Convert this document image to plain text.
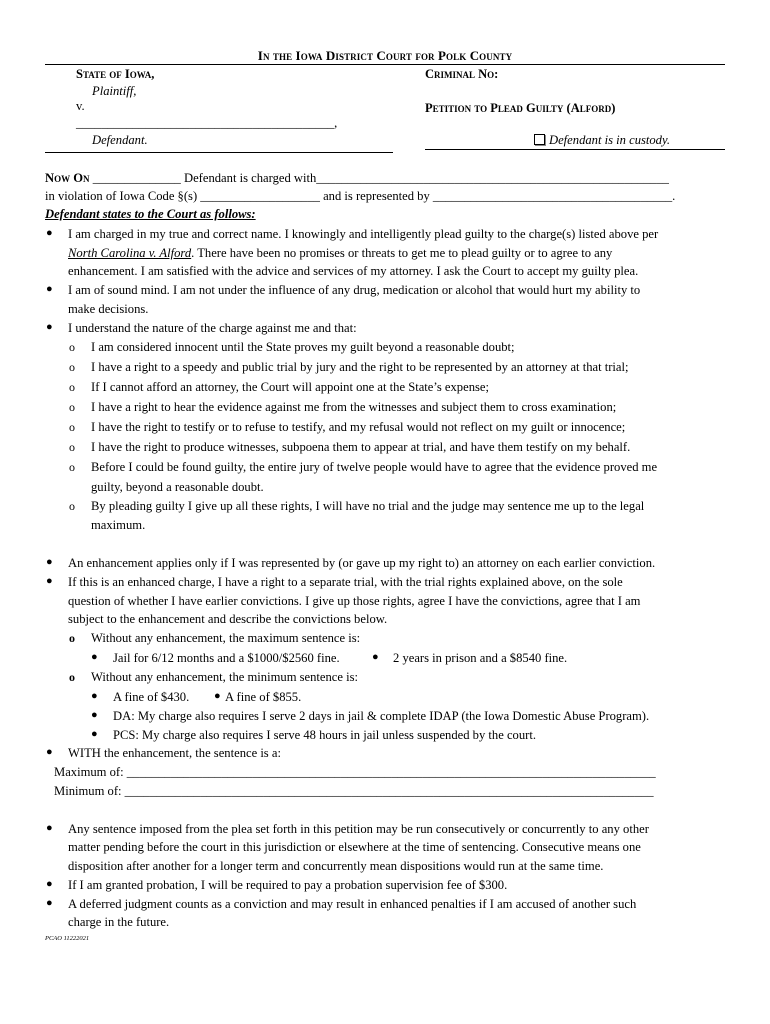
In the Iowa District Court for Polk County
State of Iowa,
Plaintiff,
v.
_________________________________________,
Defendant.
Criminal No:
Petition to Plead Guilty (Alford)
Defendant is in custody.
Now On ______________ Defendant is charged with________________________________________________________
in violation of Iowa Code §(s) ___________________ and is represented by ______________________________________.
Defendant states to the Court as follows:
● I am charged in my true and correct name. I knowingly and intelligently plead guilty to the charge(s) listed above per
North Carolina v. Alford. There have been no promises or threats to get me to plead guilty or to agree to any
enhancement. I am satisfied with the advice and services of my attorney. I ask the Court to accept my guilty plea.
● I am of sound mind. I am not under the influence of any drug, medication or alcohol that would hurt my ability to
make decisions.
● I understand the nature of the charge against me and that:
o I am considered innocent until the State proves my guilt beyond a reasonable doubt;
o I have a right to a speedy and public trial by jury and the right to be represented by an attorney at that trial;
o If I cannot afford an attorney, the Court will appoint one at the State’s expense;
o I have a right to hear the evidence against me from the witnesses and subject them to cross examination;
o I have the right to testify or to refuse to testify, and my refusal would not reflect on my guilt or innocence;
o I have the right to produce witnesses, subpoena them to appear at trial, and have them testify on my behalf.
o Before I could be found guilty, the entire jury of twelve people would have to agree that the evidence proved me
guilty, beyond a reasonable doubt.
o By pleading guilty I give up all these rights, I will have no trial and the judge may sentence me up to the legal
maximum.
● An enhancement applies only if I was represented by (or gave up my right to) an attorney on each earlier conviction.
● If this is an enhanced charge, I have a right to a separate trial, with the trial rights explained above, on the sole
question of whether I have earlier convictions. I give up those rights, agree I have the convictions, agree that I am
subject to the enhancement and describe the convictions below.
o Without any enhancement, the maximum sentence is:
● Jail for 6/12 months and a $1000/$2560 fine.	● 2 years in prison and a $8540 fine.
o Without any enhancement, the minimum sentence is:
● A fine of $430. ● A fine of $855.
● DA: My charge also requires I serve 2 days in jail & complete IDAP (the Iowa Domestic Abuse Program).
● PCS: My charge also requires I serve 48 hours in jail unless suspended by the court.
● WITH the enhancement, the sentence is a:
Maximum of: ____________________________________________________________________________________
Minimum of: ____________________________________________________________________________________
● Any sentence imposed from the plea set forth in this petition may be run consecutively or concurrently to any other
matter pending before the court in this jurisdiction or elsewhere at the time of sentencing. Consecutive means one
disposition after another for a longer term and concurrently mean dispositions would run at the same time.
● If I am granted probation, I will be required to pay a probation supervision fee of $300.
● A deferred judgment counts as a conviction and may result in enhanced penalties if I am accused of another such
charge in the future.
PCAO 11222021
